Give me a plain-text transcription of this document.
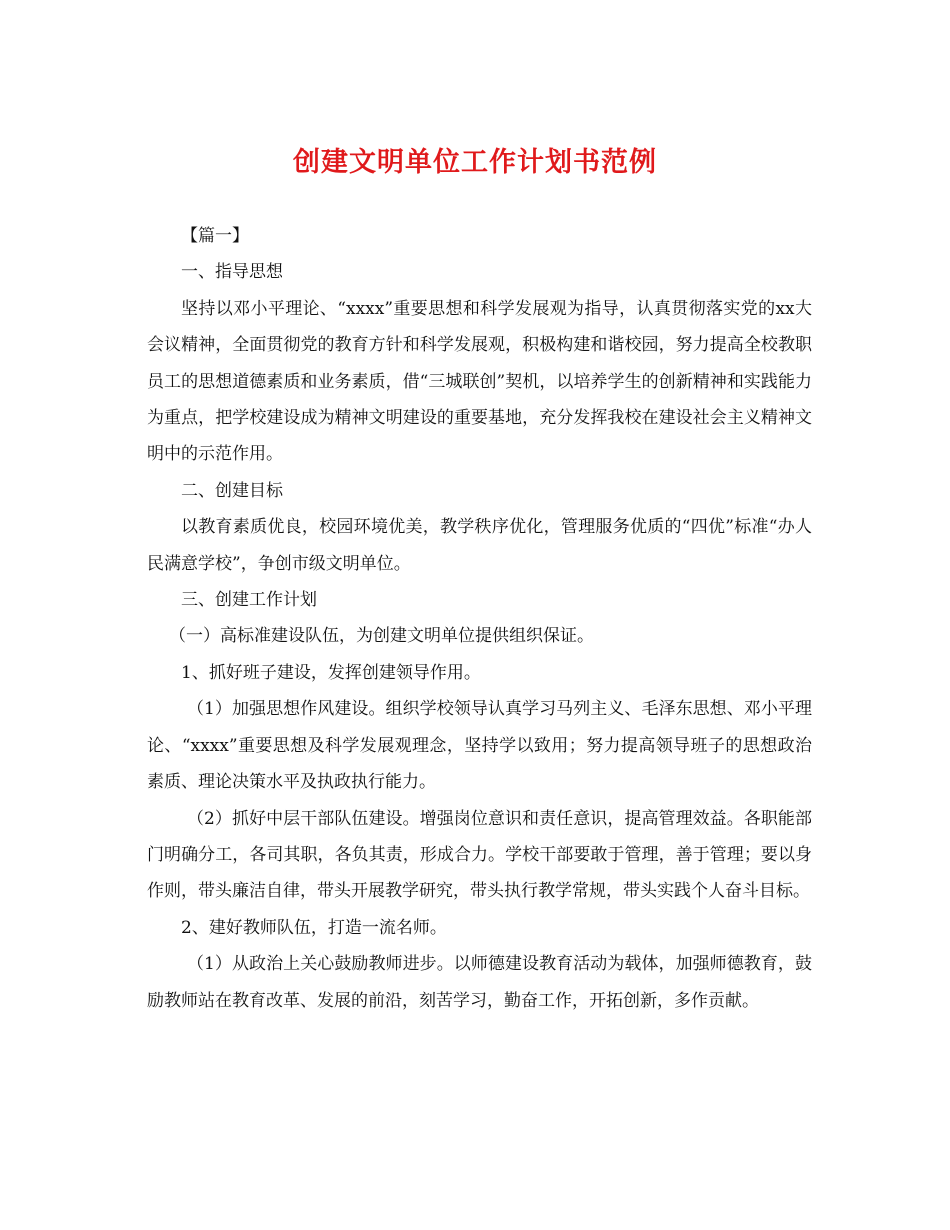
创建文明单位工作计划书范例

【篇一】

一、指导思想

坚持以邓小平理论、“xxxx”重要思想和科学发展观为指导，认真贯彻落实党的xx大会议精神，全面贯彻党的教育方针和科学发展观，积极构建和谐校园，努力提高全校教职员工的思想道德素质和业务素质，借“三城联创”契机，以培养学生的创新精神和实践能力为重点，把学校建设成为精神文明建设的重要基地，充分发挥我校在建设社会主义精神文明中的示范作用。

二、创建目标

以教育素质优良，校园环境优美，教学秩序优化，管理服务优质的“四优”标准“办人民满意学校”，争创市级文明单位。

三、创建工作计划

（一）高标准建设队伍，为创建文明单位提供组织保证。

1、抓好班子建设，发挥创建领导作用。

（1）加强思想作风建设。组织学校领导认真学习马列主义、毛泽东思想、邓小平理论、“xxxx”重要思想及科学发展观理念，坚持学以致用；努力提高领导班子的思想政治素质、理论决策水平及执政执行能力。

（2）抓好中层干部队伍建设。增强岗位意识和责任意识，提高管理效益。各职能部门明确分工，各司其职，各负其责，形成合力。学校干部要敢于管理，善于管理；要以身作则，带头廉洁自律，带头开展教学研究，带头执行教学常规，带头实践个人奋斗目标。

2、建好教师队伍，打造一流名师。

（1）从政治上关心鼓励教师进步。以师德建设教育活动为载体，加强师德教育，鼓励教师站在教育改革、发展的前沿，刻苦学习，勤奋工作，开拓创新，多作贡献。
